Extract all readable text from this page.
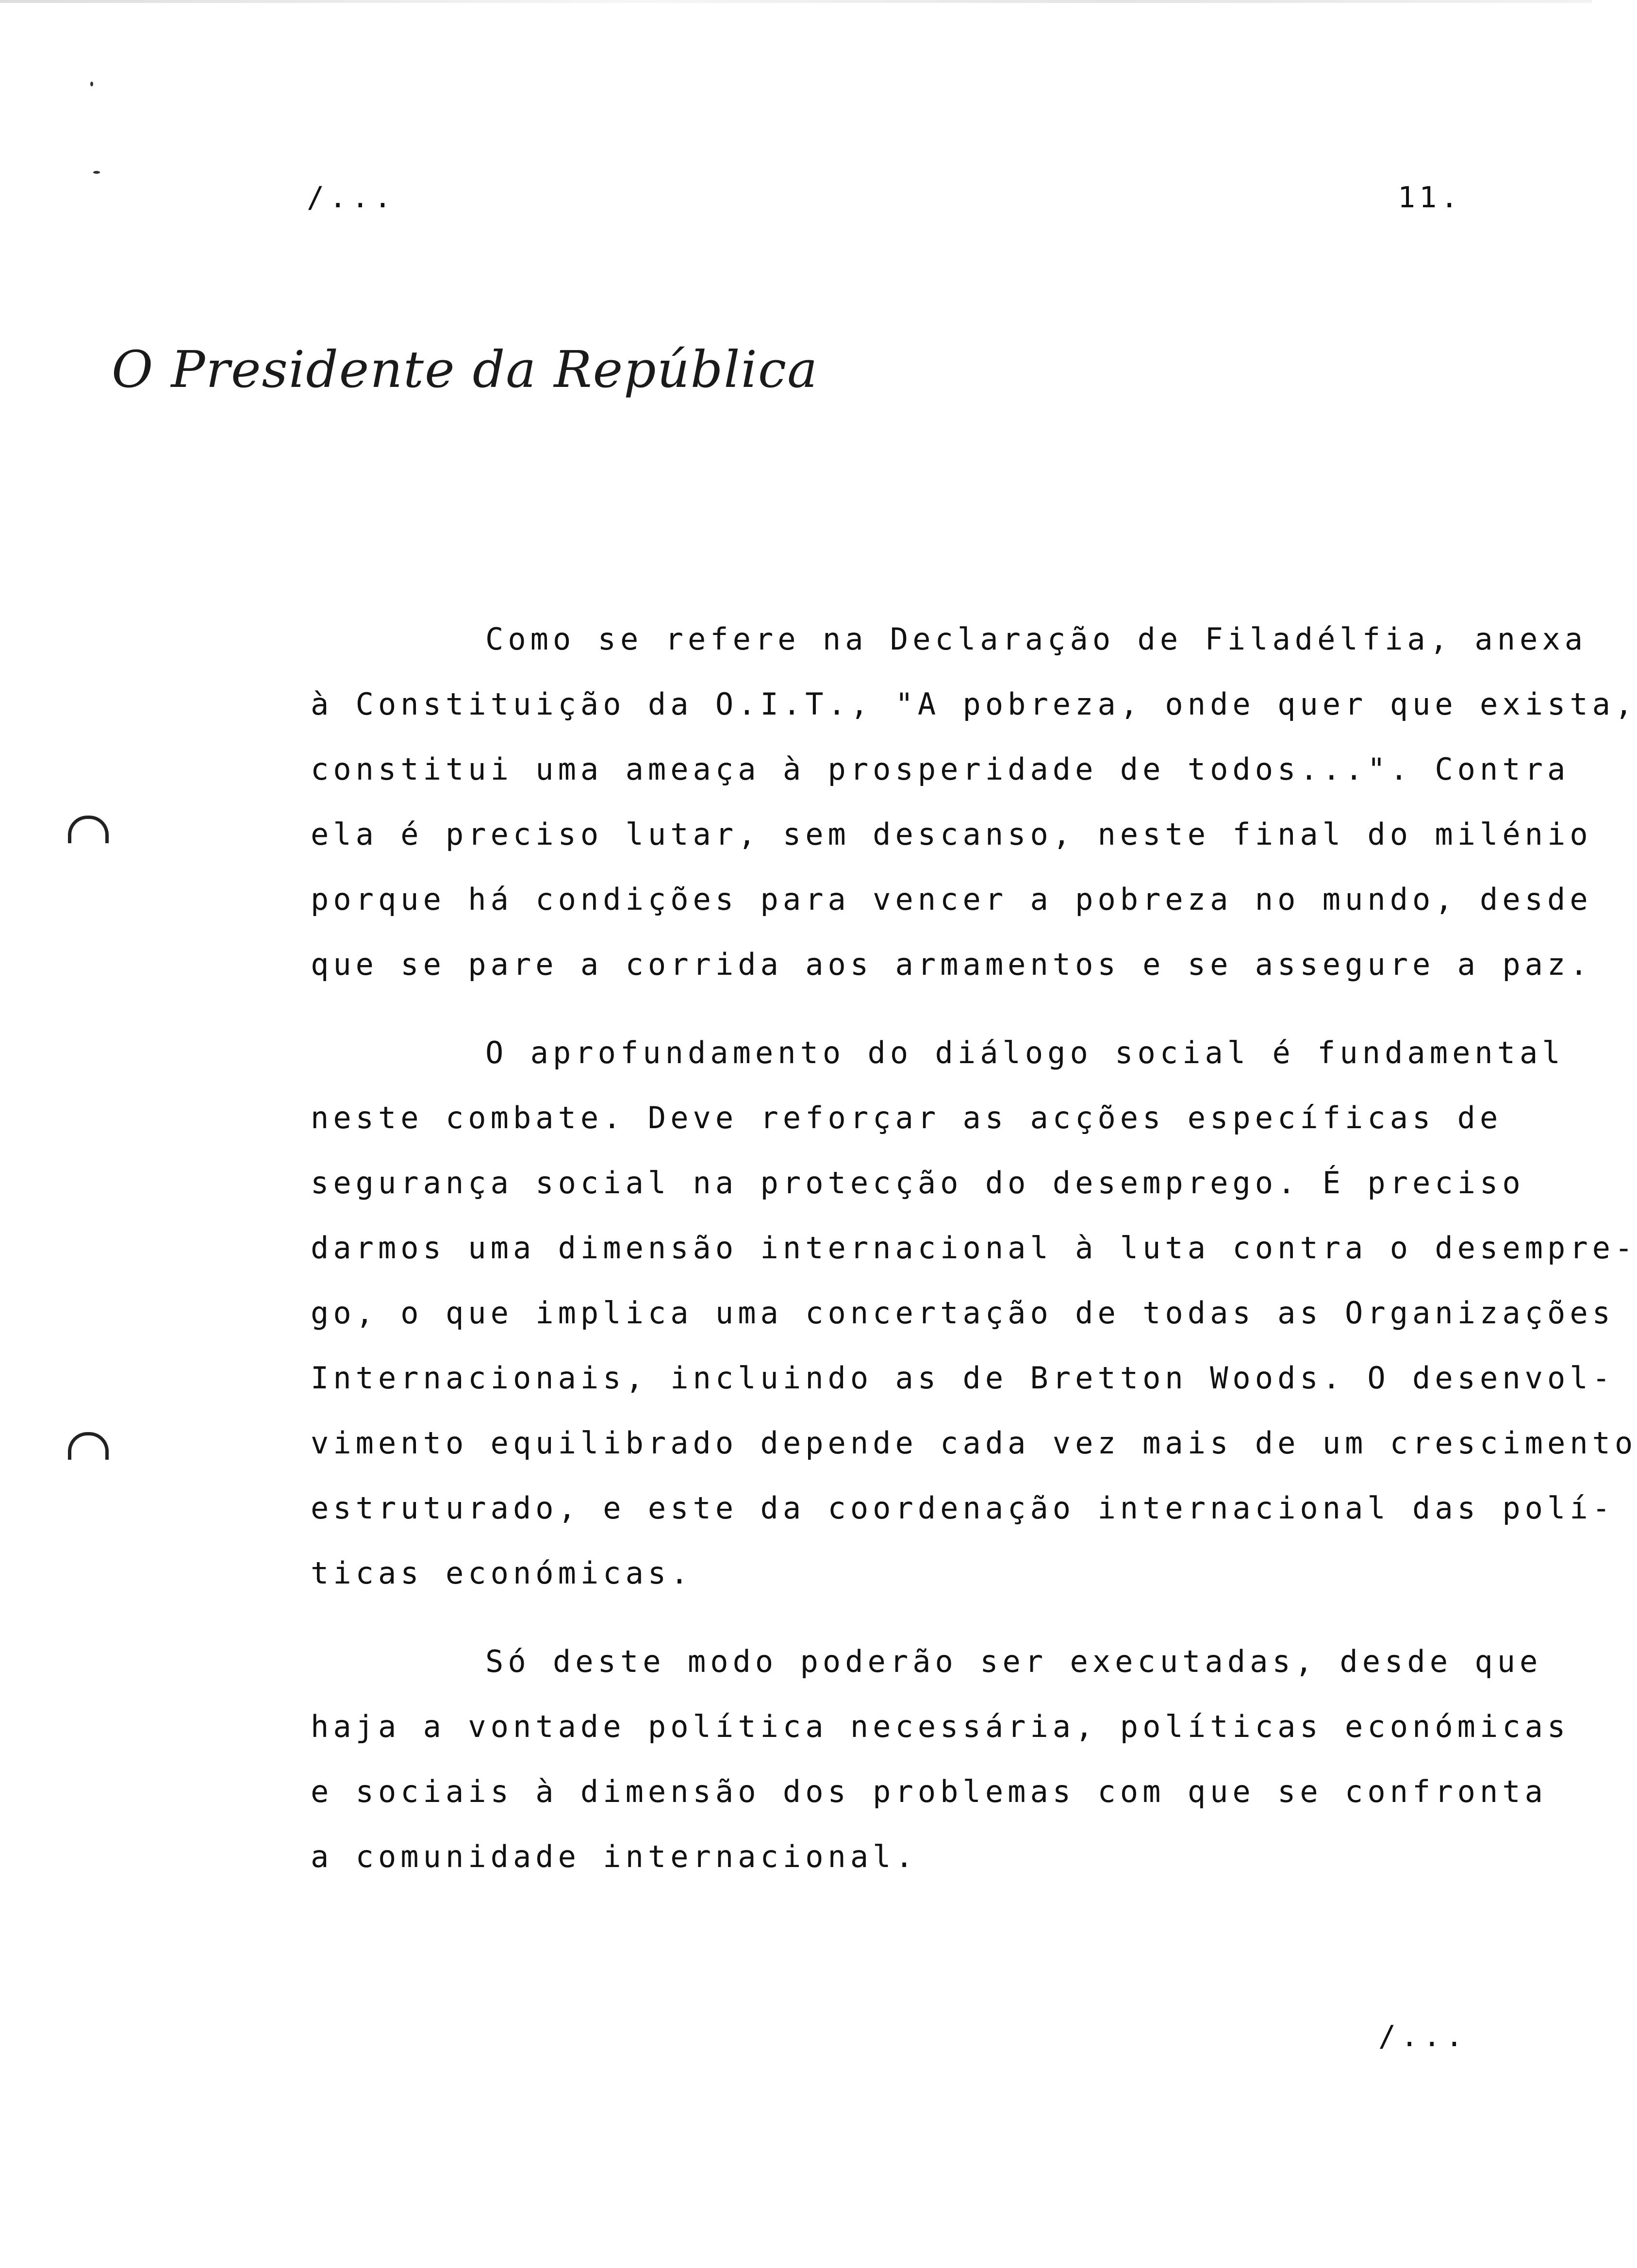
/...	11.
O Presidente da República
Como se refere na Declaração de Filadélfia, anexa
à Constituição da O.I.T., "A pobreza, onde quer que exista,
constitui uma ameaça à prosperidade de todos...". Contra
ela é preciso lutar, sem descanso, neste final do milénio
porque há condições para vencer a pobreza no mundo, desde
que se pare a corrida aos armamentos e se assegure a paz.
O aprofundamento do diálogo social é fundamental
neste combate. Deve reforçar as acções específicas de
segurança social na protecção do desemprego. É preciso
darmos uma dimensão internacional à luta contra o desempre-
go, o que implica uma concertação de todas as Organizações
Internacionais, incluindo as de Bretton Woods. O desenvol-
vimento equilibrado depende cada vez mais de um crescimento
estruturado, e este da coordenação internacional das polí-
ticas económicas.
Só deste modo poderão ser executadas, desde que
haja a vontade política necessária, políticas económicas
e sociais à dimensão dos problemas com que se confronta
a comunidade internacional.
/...
